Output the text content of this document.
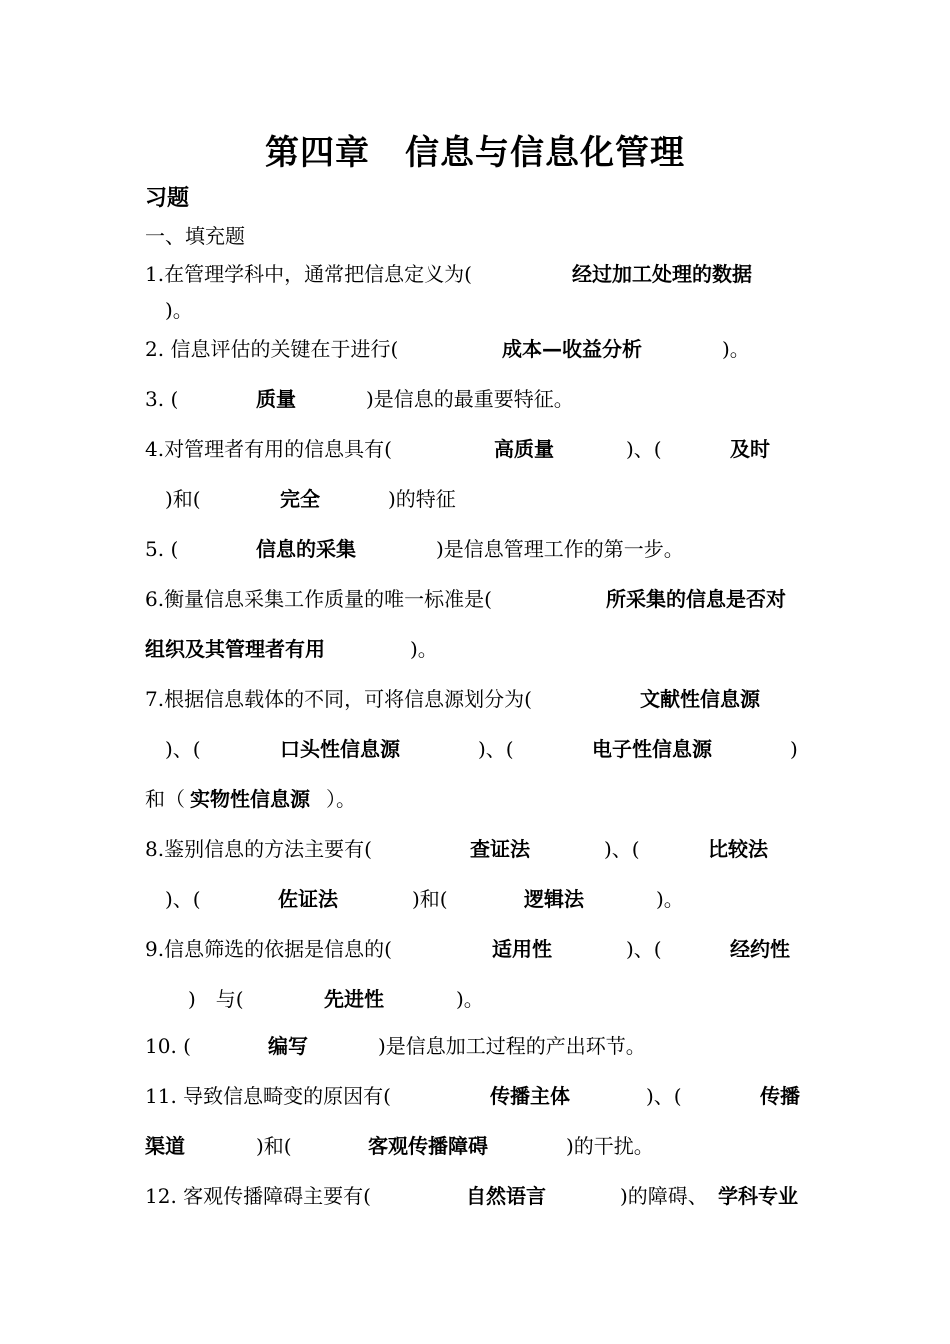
第四章　信息与信息化管理
习题
一、填充题
1.在管理学科中，通常把信息定义为(	经过加工处理的数据
)。
2. 信息评估的关键在于进行(	成本—收益分析	)。
3. (	质量	)是信息的最重要特征。
4.对管理者有用的信息具有(	高质量	)、(	及时
)和(	完全	)的特征
5. (	信息的采集	)是信息管理工作的第一步。
6.衡量信息采集工作质量的唯一标准是(	所采集的信息是否对
组织及其管理者有用	)。
7.根据信息载体的不同，可将信息源划分为(	文献性信息源
)、(	口头性信息源	)、(	电子性信息源	)
和（ 实物性信息源 ）。
8.鉴别信息的方法主要有(	查证法	)、(	比较法
)、(	佐证法	)和(	逻辑法	)。
9.信息筛选的依据是信息的(	适用性	)、(	经约性
)　与(	先进性	)。
10. (	编写	)是信息加工过程的产出环节。
11. 导致信息畸变的原因有(	传播主体	)、(	传播
渠道	)和(	客观传播障碍	)的干扰。
12. 客观传播障碍主要有(	自然语言	)的障碍、 学科专业
